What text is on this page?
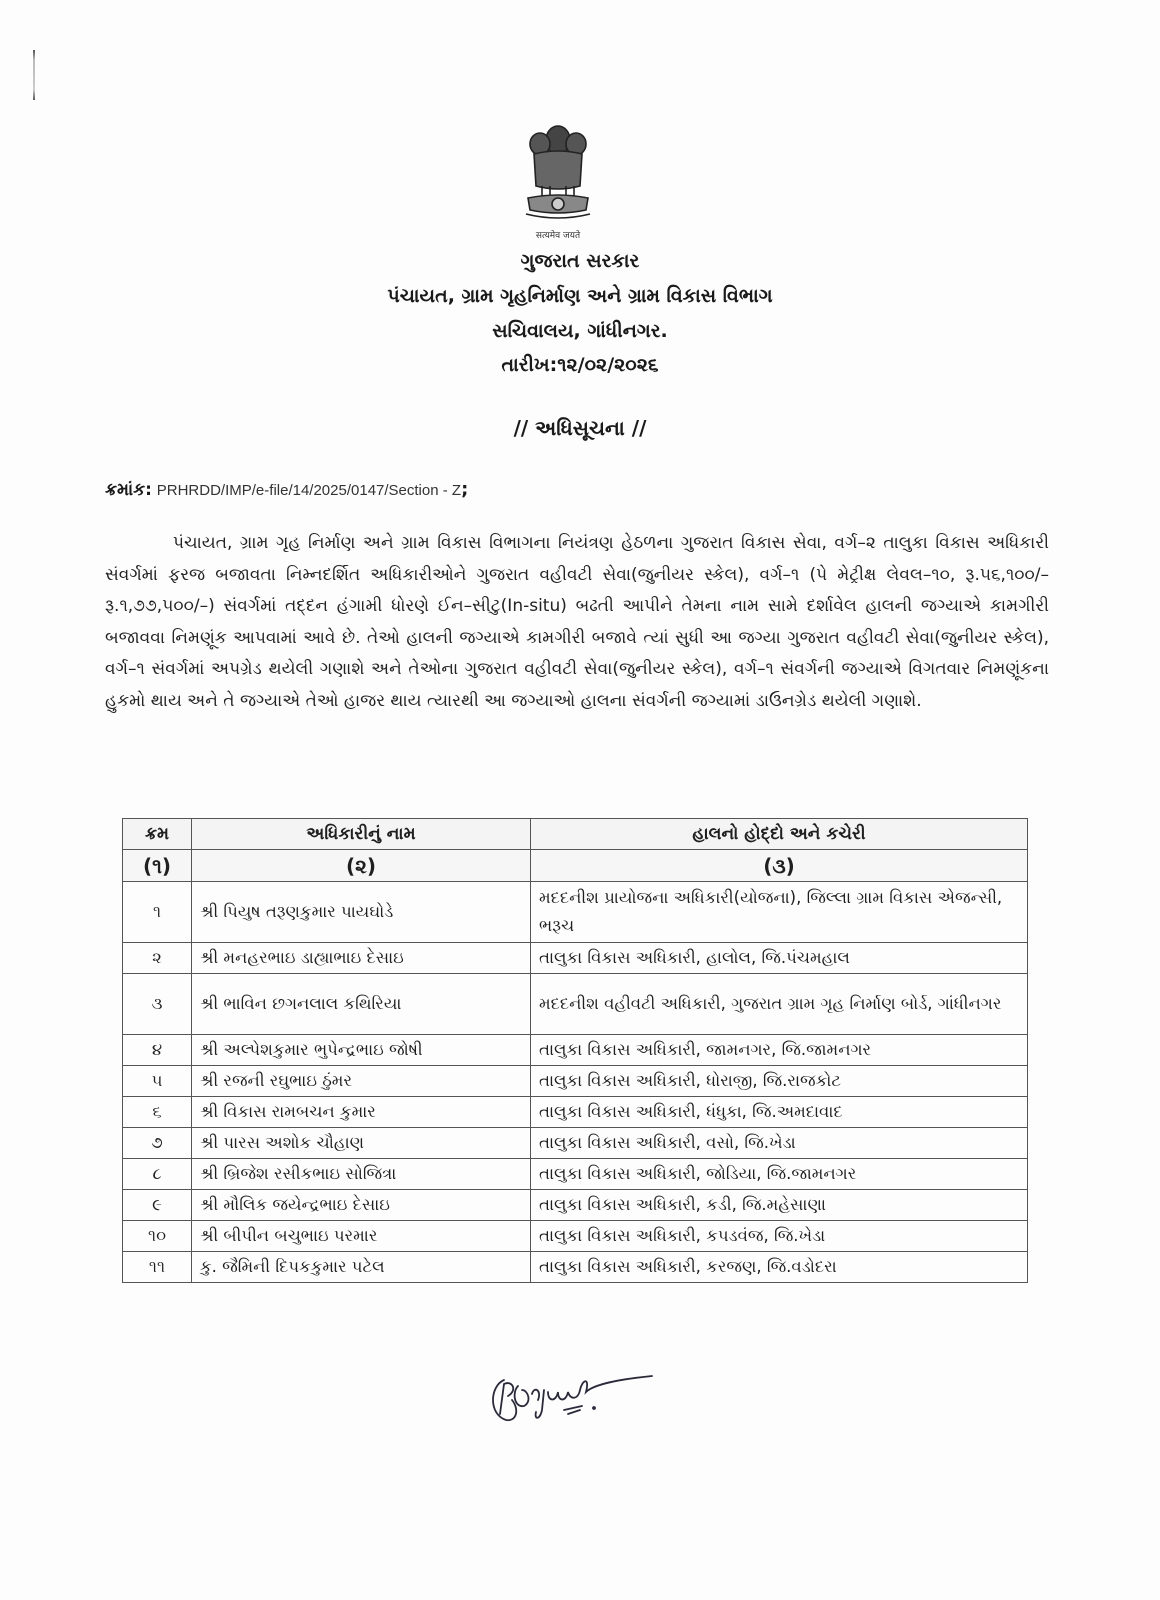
सत्यमेव जयते
ગુજરાત સરકાર
પંચાયત, ગ્રામ ગૃહનિર્માણ અને ગ્રામ વિકાસ વિભાગ
સચિવાલય, ગાંધીનગર.
તારીખ:૧૨/૦૨/૨૦૨૬
// અધિસૂચના //
ક્રમાંક: PRHRDD/IMP/e-file/14/2025/0147/Section - Z;
પંચાયત, ગ્રામ ગૃહ નિર્માણ અને ગ્રામ વિકાસ વિભાગના નિયંત્રણ હેઠળના ગુજરાત વિકાસ સેવા, વર્ગ–૨ તાલુકા વિકાસ અધિકારી સંવર્ગમાં ફરજ બજાવતા નિમ્નદર્શિત અધિકારીઓને ગુજરાત વહીવટી સેવા(જુનીયર સ્કેલ), વર્ગ–૧ (પે મેટ્રીક્ષ લેવલ–૧૦, રૂ.૫૬,૧૦૦/–રૂ.૧,૭૭,૫૦૦/–) સંવર્ગમાં તદ્દન હંગામી ધોરણે ઈન–સીટુ(In-situ) બઢતી આપીને તેમના નામ સામે દર્શાવેલ હાલની જગ્યાએ કામગીરી બજાવવા નિમણૂંક આપવામાં આવે છે. તેઓ હાલની જગ્યાએ કામગીરી બજાવે ત્યાં સુધી આ જગ્યા ગુજરાત વહીવટી સેવા(જુનીયર સ્કેલ), વર્ગ–૧ સંવર્ગમાં અપગ્રેડ થયેલી ગણાશે અને તેઓના ગુજરાત વહીવટી સેવા(જુનીયર સ્કેલ), વર્ગ–૧ સંવર્ગની જગ્યાએ વિગતવાર નિમણૂંકના હુકમો થાય અને તે જગ્યાએ તેઓ હાજર થાય ત્યારથી આ જગ્યાઓ હાલના સંવર્ગની જગ્યામાં ડાઉનગ્રેડ થયેલી ગણાશે.
ક્રમ	અધિકારીનું નામ	હાલનો હોદ્દો અને કચેરી
(૧)	(૨)	(૩)
૧	શ્રી પિયુષ તરૂણકુમાર પાયઘોડે	મદદનીશ પ્રાયોજના અધિકારી(યોજના), જિલ્લા ગ્રામ વિકાસ એજન્સી, ભરૂચ
૨	શ્રી મનહરભાઇ ડાહ્યાભાઇ દેસાઇ	તાલુકા વિકાસ અધિકારી, હાલોલ, જિ.પંચમહાલ
૩	શ્રી ભાવિન છગનલાલ કથિરિયા	મદદનીશ વહીવટી અધિકારી, ગુજરાત ગ્રામ ગૃહ નિર્માણ બોર્ડ, ગાંધીનગર
૪	શ્રી અલ્પેશકુમાર ભુપેન્દ્રભાઇ જોષી	તાલુકા વિકાસ અધિકારી, જામનગર, જિ.જામનગર
૫	શ્રી રજની રઘુભાઇ ઠુંમર	તાલુકા વિકાસ અધિકારી, ધોરાજી, જિ.રાજકોટ
૬	શ્રી વિકાસ રામબચન કુમાર	તાલુકા વિકાસ અધિકારી, ધંધુકા, જિ.અમદાવાદ
૭	શ્રી પારસ અશોક ચૌહાણ	તાલુકા વિકાસ અધિકારી, વસો, જિ.ખેડા
૮	શ્રી બ્રિજેશ રસીકભાઇ સોજિત્રા	તાલુકા વિકાસ અધિકારી, જોડિયા, જિ.જામનગર
૯	શ્રી મૌલિક જયેન્દ્રભાઇ દેસાઇ	તાલુકા વિકાસ અધિકારી, કડી, જિ.મહેસાણા
૧૦	શ્રી બીપીન બચુભાઇ પરમાર	તાલુકા વિકાસ અધિકારી, કપડવંજ, જિ.ખેડા
૧૧	કુ. જૈમિની દિપકકુમાર પટેલ	તાલુકા વિકાસ અધિકારી, કરજણ, જિ.વડોદરા
